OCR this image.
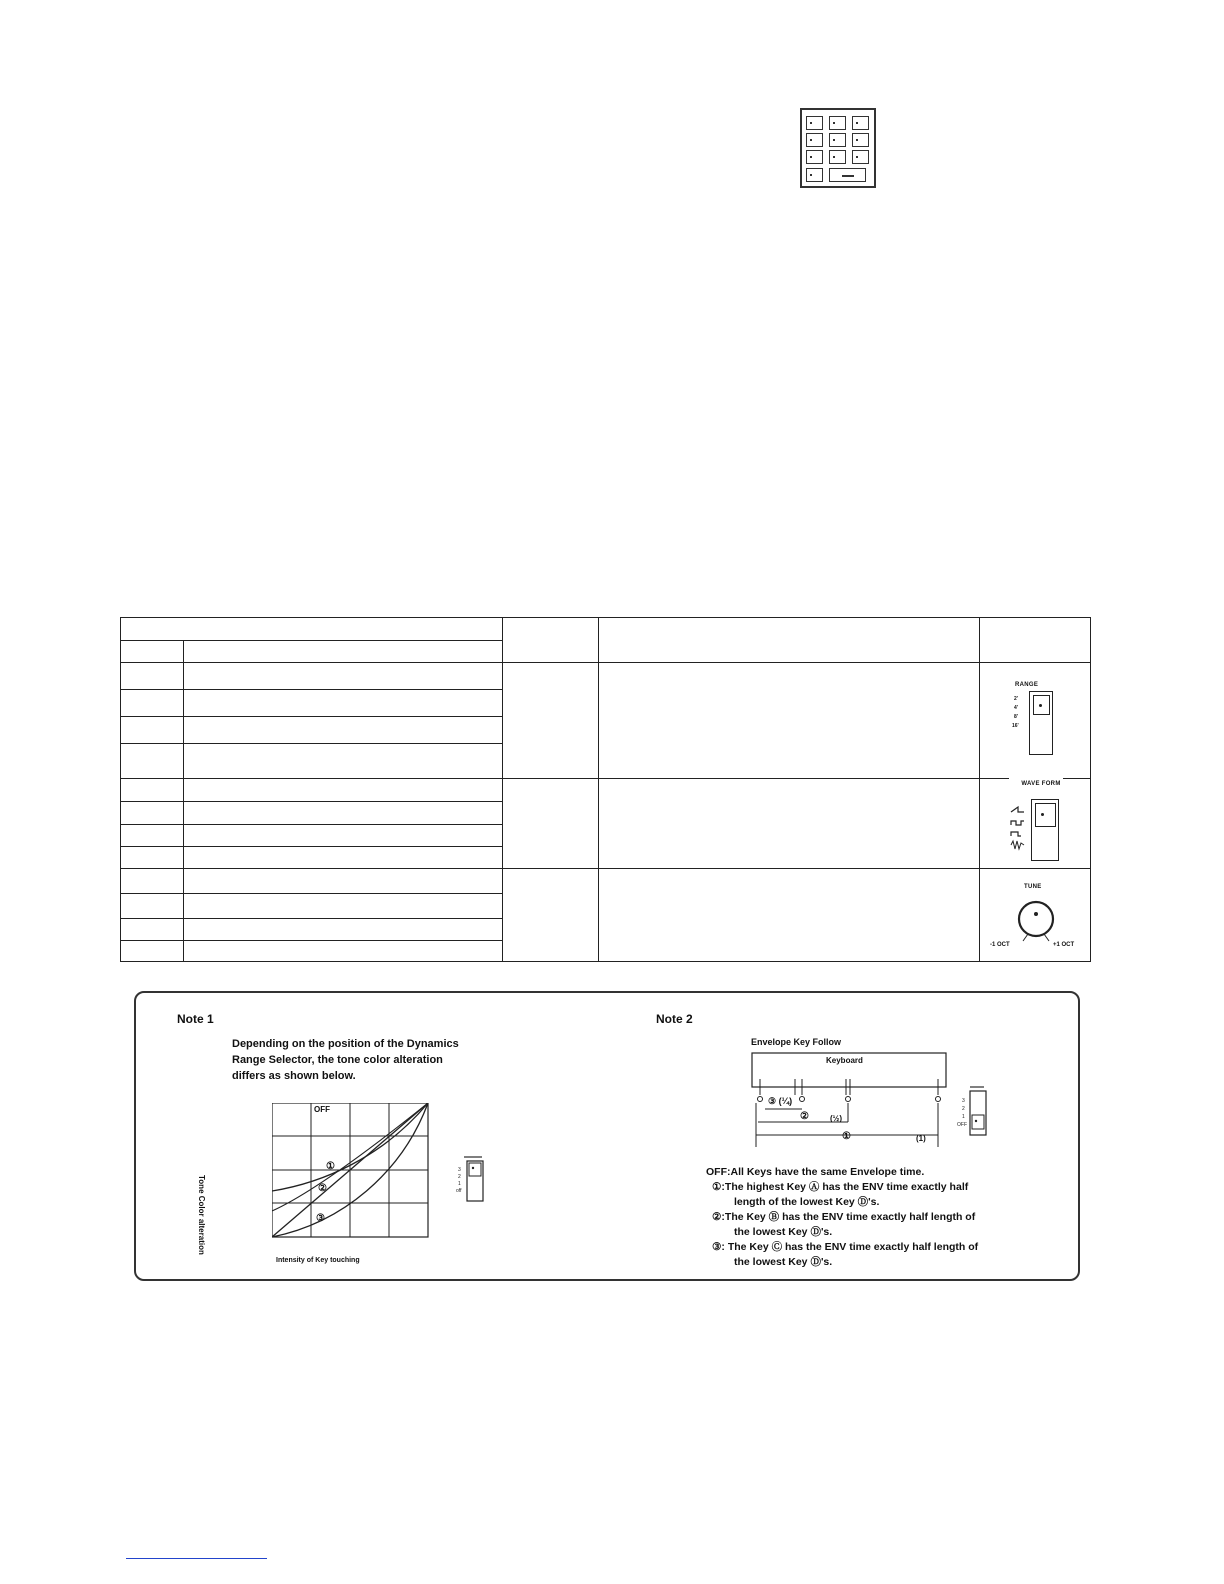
RANGE
2'
4'
8'
16'
WAVE FORM
TUNE
-1 OCT	+1 OCT
Note 1
Depending on the position of the Dynamics
Range Selector, the tone color alteration
differs as shown below.
OFF
①
②
③
Tone Color alteration
Intensity of Key touching
3
2
1
off
Note 2
Envelope Key Follow
Keyboard
③ (¼)
②	(½)
①	(1)
3
2
1
OFF
OFF:All Keys have the same Envelope time.
①:The highest Key Ⓐ has the ENV time exactly half
length of the lowest Key Ⓓ's.
②:The Key Ⓑ has the ENV time exactly half length of
the lowest Key Ⓓ's.
③: The Key Ⓒ has the ENV time exactly half length of
the lowest Key Ⓓ's.
